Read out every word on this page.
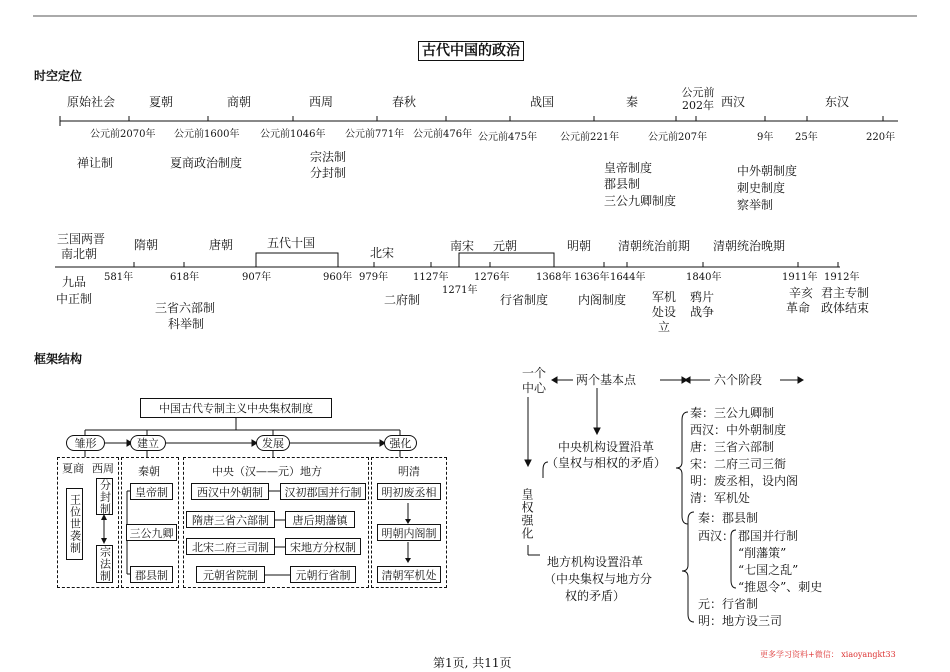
古代中国的政治
时空定位
原始社会	夏朝	商朝	西周	春秋	战国	秦	西汉	东汉
公元前202年
公元前2070年 公元前1600年 公元前1046年 公元前771年 公元前476年 公元前475年 公元前221年	公元前207年	9年 25年	220年
禅让制	夏商政治制度	宗法制
分封制	皇帝制度
郡县制
三公九卿制度
中外朝制度
刺史制度
察举制
三国两晋
南北朝
隋朝	唐朝	五代十国
北宋	南宋 元朝	明朝 清朝统治前期 清朝统治晚期
581年	618年	907年	960年 979年 1127年
1271年
1276年	1368年 1636年 1644年	1840年	1911年 1912年
九品
中正制
三省六部制
科举制
二府制	行省制度 内阁制度 军机
处设
立
鸦片
战争
辛亥
革命
君主专制
政体结束
框架结构
中国古代专制主义中央集权制度
雏形	建立	发展	强化
夏商 西周
王位世袭制 分封制
宗法制
秦朝
皇帝制
三公九卿
郡县制
中央（汉——元）地方
西汉中外朝制	汉初郡国并行制
隋唐三省六部制	唐后期藩镇
北宋二府三司制	宋地方分权制
元朝省院制	元朝行省制
明清
明初废丞相
明朝内阁制
清朝军机处
一个中心
两个基本点	六个阶段
中央机构设置沿革
（皇权与相权的矛盾）
皇权强化
秦：三公九卿制
西汉：中外朝制度
唐：三省六部制
宋：二府三司三衙
明：废丞相，设内阁
清：军机处
地方机构设置沿革
（中央集权与地方分
权的矛盾）
秦：郡县制
西汉： 郡国并行制
“削藩策”
“七国之乱”
“推恩令”、刺史
元：行省制
明：地方设三司
第1页, 共11页
更多学习资料+微信： xiaoyangkt33
